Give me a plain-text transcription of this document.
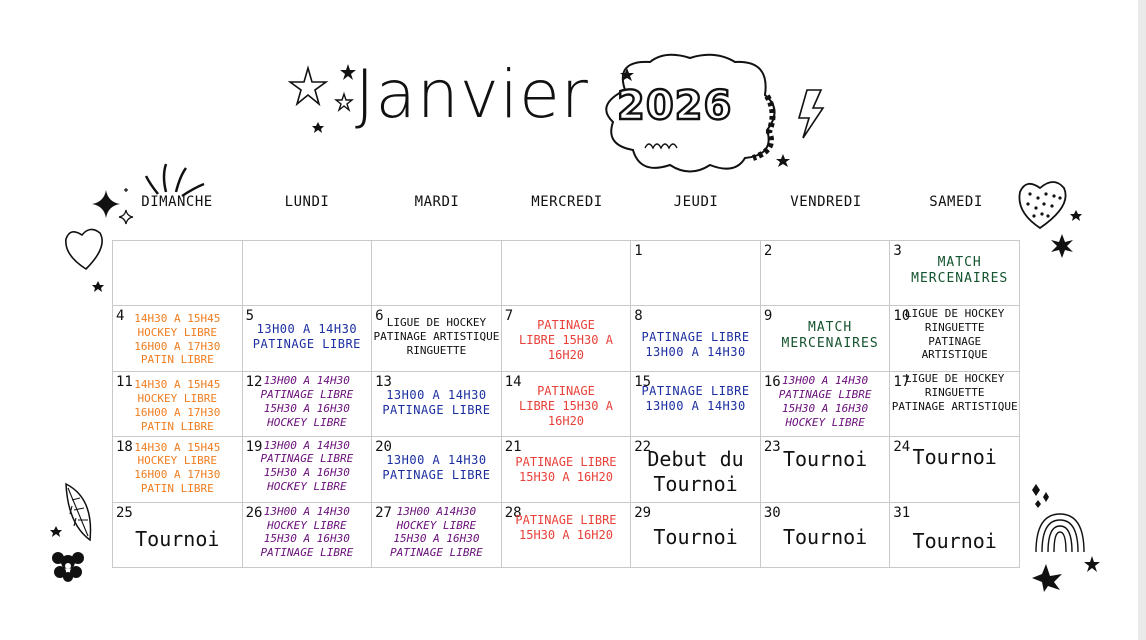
2026
Janvier
DIMANCHE	LUNDI	MARDI	MERCREDI	JEUDI	VENDREDI	SAMEDI

				1	2	3
MATCH
MERCENAIRES

4 14H30 A 15H45
HOCKEY LIBRE
16H00 A 17H30
PATIN LIBRE	5
13H00 A 14H30
PATINAGE LIBRE	6 LIGUE DE HOCKEY
PATINAGE ARTISTIQUE
RINGUETTE	7
PATINAGE
LIBRE 15H30 A
16H20	8
PATINAGE LIBRE
13H00 A 14H30	9
MATCH
MERCENAIRES	10
LIGUE DE HOCKEY
RINGUETTE
PATINAGE
ARTISTIQUE

11 14H30 A 15H45
HOCKEY LIBRE
16H00 A 17H30
PATIN LIBRE	12 13H00 A 14H30
PATINAGE LIBRE
15H30 A 16H30
HOCKEY LIBRE	13
13H00 A 14H30
PATINAGE LIBRE	14
PATINAGE
LIBRE 15H30 A
16H20	15
PATINAGE LIBRE
13H00 A 14H30	16 13H00 A 14H30
PATINAGE LIBRE
15H30 A 16H30
HOCKEY LIBRE	17
LIGUE DE HOCKEY
RINGUETTE
PATINAGE ARTISTIQUE

18 14H30 A 15H45
HOCKEY LIBRE
16H00 A 17H30
PATIN LIBRE	19 13H00 A 14H30
PATINAGE LIBRE
15H30 A 16H30
HOCKEY LIBRE	20
13H00 A 14H30
PATINAGE LIBRE	21
PATINAGE LIBRE
15H30 A 16H20	22
Debut du
Tournoi	23 Tournoi	24 Tournoi

25
Tournoi	26 13H00 A 14H30
HOCKEY LIBRE
15H30 A 16H30
PATINAGE LIBRE	27 13H00 A14H30
HOCKEY LIBRE
15H30 A 16H30
PATINAGE LIBRE	28
PATINAGE LIBRE
15H30 A 16H20	29
Tournoi	30
Tournoi	31
Tournoi
